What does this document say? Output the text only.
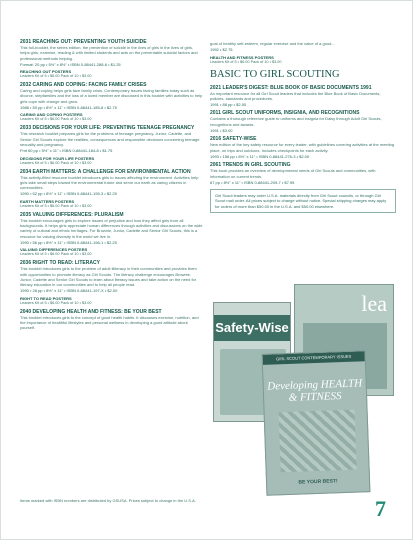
2031 REACHING OUT: PREVENTING YOUTH SUICIDE
This full-booklet, the series edition, the prevention of suicide in the lives of girls in the lives of girls, helps girls, examine, reading & with limited students and acts on the preventable suicidal factors and professional methods helping.
Format: 20 pp • 5½" x 8½" • ISBN 0-88441-288-6 • $1.25
REACHING OUT POSTERS
Leaders Kit of 5 • $6.00 Pack of 10 • $3.00
2032 CARING AND COPING: FACING FAMILY CRISES
Caring and coping helps girls face family crisis. Contemporary issues facing families today such as divorce, stepfamilies and the loss of a loved member are discussed in this booklet with activities to help girls cope with change and grow.
1988 • 50 pp • 8½" x 11" • ISBN 0-88441-185-6 • $2.75
CARING AND COPING POSTERS
Leaders Kit of 5 • $6.00 Pack of 10 • $3.00
2033 DECISIONS FOR YOUR LIFE: PREVENTING TEENAGE PREGNANCY
This research booklet prepares girls for the problems of teenage pregnancy. Junior, Cadette, and Senior Girl Scouts explore the realities, consequences and responsible decisions concerning teenage sexuality and pregnancy.
Fmt 60 pp • 5½" x 11" • ISBN 0-88441-184-8 • $1.75
DECISIONS FOR YOUR LIFE POSTERS
Leaders Kit of 5 • $6.00 Pack of 10 • $3.00
2034 EARTH MATTERS: A CHALLENGE FOR ENVIRONMENTAL ACTION
This activity-filled resource booklet introduces girls to issues affecting the environment. Activities help girls take small steps toward the environmental future and serve our earth as caring citizens in communities.
1990 • 52 pp • 8½" x 11" • ISBN 0-88441-195-3 • $2.25
EARTH MATTERS POSTERS
Leaders Kit of 5 • $6.00 Pack of 10 • $3.00
2035 VALUING DIFFERENCES: PLURALISM
This booklet encourages girls to explore issues of prejudice and how they affect girls from all backgrounds. It helps girls appreciate human differences through activities and discussions on the wide variety of cultural and ethnic heritages. For Brownie, Junior, Cadette and Senior Girl Scouts, this is a resource for valuing diversity in the world we live in.
1990 • 56 pp • 8½" x 11" • ISBN 0-88441-196-1 • $2.25
VALUING DIFFERENCES POSTERS
Leaders Kit of 5 • $6.00 Pack of 10 • $3.00
2036 RIGHT TO READ: LITERACY
This booklet introduces girls to the problem of adult illiteracy in their communities and provides them with opportunities to promote literacy as Girl Scouts. The literacy challenge encourages Brownie, Junior, Cadette and Senior Girl Scouts to learn about literacy issues and take action on the need for literacy education in our communities and to help all people read.
1990 • 28 pp • 8½" x 11" • ISBN 0-88441-197-X • $2.00
RIGHT TO READ POSTERS
Leaders Kit of 5 • $6.00 Pack of 10 • $3.00
2040 DEVELOPING HEALTH AND FITNESS: BE YOUR BEST
This booklet introduces girls to the concept of good health habits. It discusses exercise, nutrition, and the importance of healthful lifestyles and personal wellness in developing a good attitude about yourself.
goal of healthy self-esteem, regular exercise and the value of a good...
1992 • $2.75
HEALTH AND FITNESS POSTERS
Leaders Kit of 5 • $6.00 Pack of 10 • $3.00
BASIC TO GIRL SCOUTING
2021 LEADER'S DIGEST: BLUE BOOK OF BASIC DOCUMENTS 1991
An important resource for all Girl Scout leaders that includes the Blue Book of Basic Documents, policies, standards and procedures.
1991 • 88 pp • $2.50
2011 GIRL SCOUT UNIFORMS, INSIGNIA, AND RECOGNITIONS
Contains a thorough reference guide to uniforms and insignia for Daisy through Adult Girl Scouts, recognitions and awards.
1991 • $3.00
2016 SAFETY-WISE
New edition of the key safety resource for every leader, with guidelines covering activities at the meeting place, on trips and outdoors. Includes checkpoints for each activity.
1993 • 156 pp • 8½" x 11" • ISBN 0-88441-276-3 • $2.00
2061 TRENDS IN GIRL SCOUTING
This book provides an overview of developmental needs of Girl Scouts and communities, with information on current trends.
67 pp • 8½" x 11" • ISBN 0-88441-209-7 • $7.95
Girl Scout leaders may order U.S.A. materials directly from Girl Scout councils, or through Girl Scout mail order. All prices subject to change without notice. Special shipping charges may apply for orders of more than $50.00 in the U.S.A. and $50.00 elsewhere.
lea
Safety-Wise
GIRL SCOUT CONTEMPORARY ISSUES
Developing HEALTH & FITNESS
BE YOUR BEST!
Items marked with ISBN numbers are distributed by GSUSA. Prices subject to change in the U.S.A.	7
